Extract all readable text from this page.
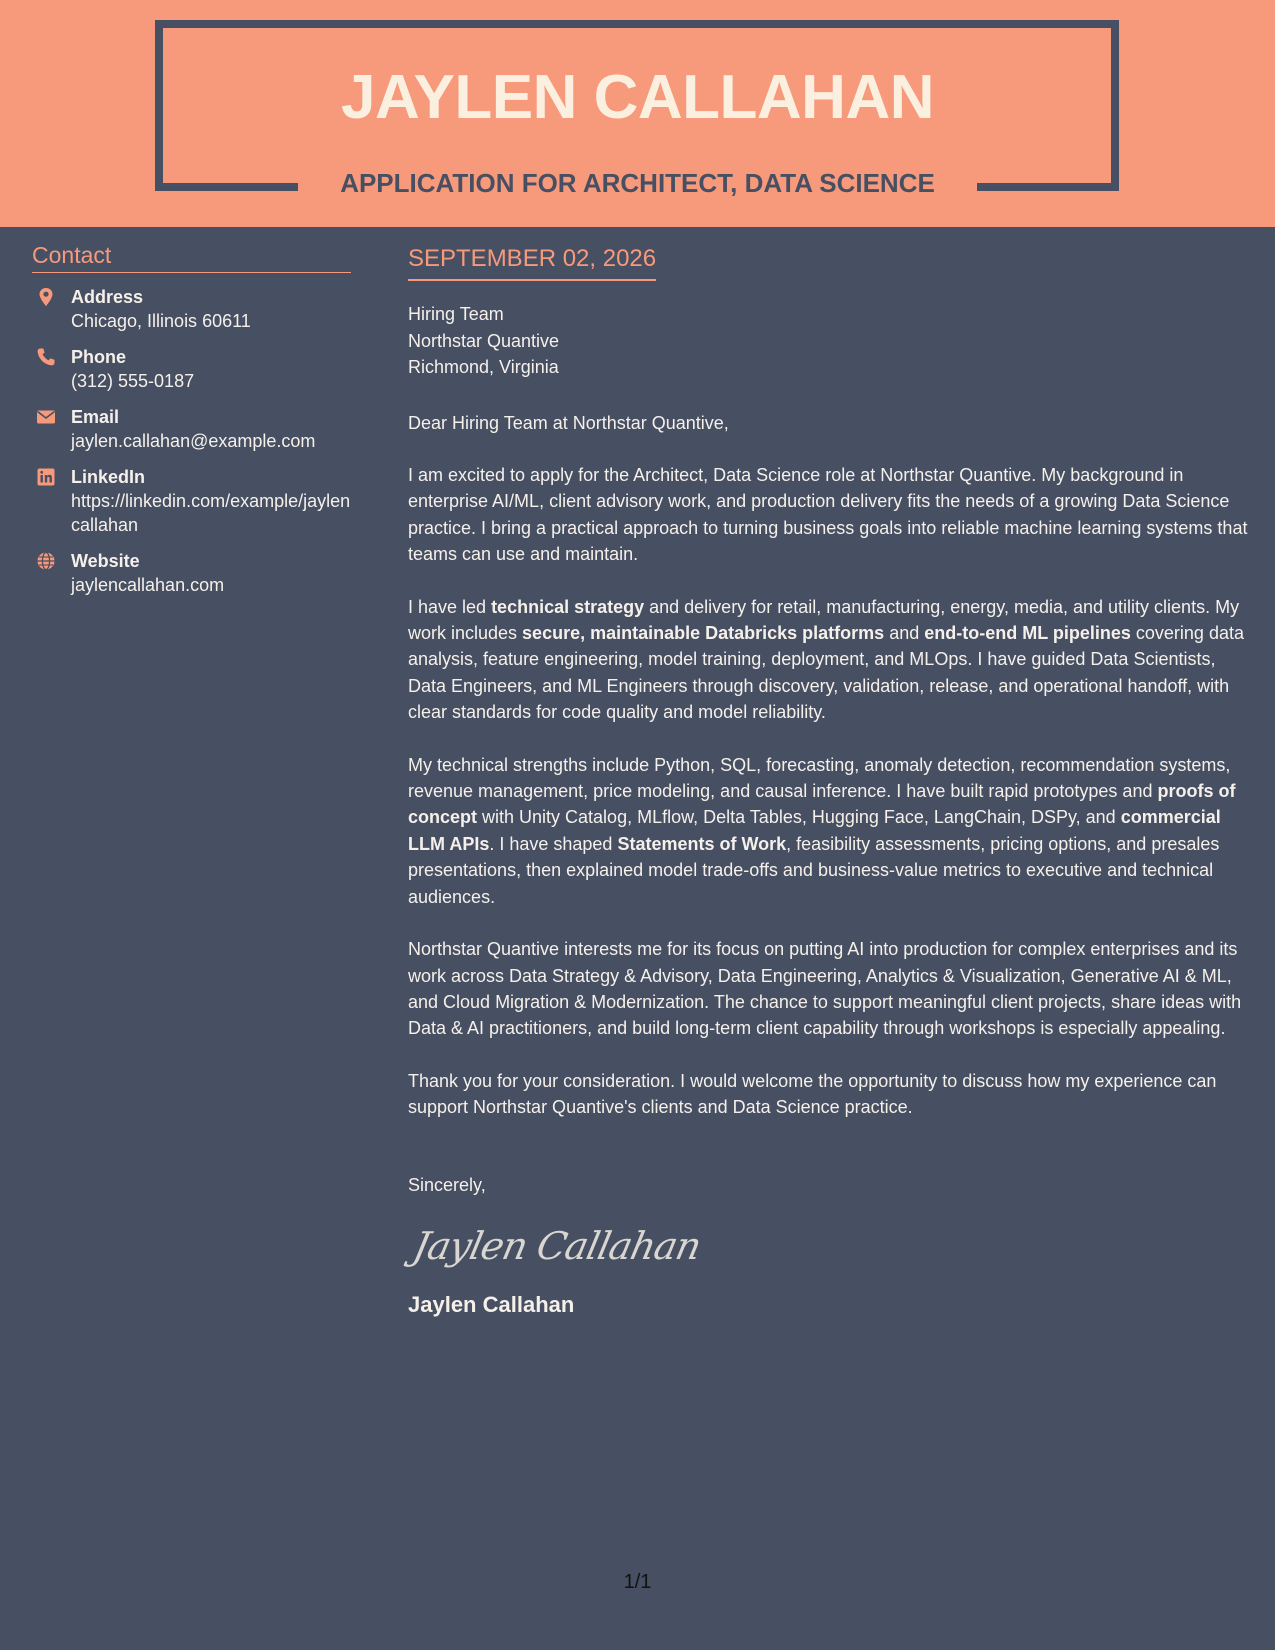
JAYLEN CALLAHAN
APPLICATION FOR ARCHITECT, DATA SCIENCE
Contact
Address
Chicago, Illinois 60611
Phone
(312) 555-0187
Email
jaylen.callahan@example.com
LinkedIn
https://linkedin.com/example/jaylencallahan
Website
jaylencallahan.com
SEPTEMBER 02, 2026
Hiring Team
Northstar Quantive
Richmond, Virginia
Dear Hiring Team at Northstar Quantive,
I am excited to apply for the Architect, Data Science role at Northstar Quantive. My background in enterprise AI/ML, client advisory work, and production delivery fits the needs of a growing Data Science practice. I bring a practical approach to turning business goals into reliable machine learning systems that teams can use and maintain.
I have led technical strategy and delivery for retail, manufacturing, energy, media, and utility clients. My work includes secure, maintainable Databricks platforms and end-to-end ML pipelines covering data analysis, feature engineering, model training, deployment, and MLOps. I have guided Data Scientists, Data Engineers, and ML Engineers through discovery, validation, release, and operational handoff, with clear standards for code quality and model reliability.
My technical strengths include Python, SQL, forecasting, anomaly detection, recommendation systems, revenue management, price modeling, and causal inference. I have built rapid prototypes and proofs of concept with Unity Catalog, MLflow, Delta Tables, Hugging Face, LangChain, DSPy, and commercial LLM APIs. I have shaped Statements of Work, feasibility assessments, pricing options, and presales presentations, then explained model trade-offs and business-value metrics to executive and technical audiences.
Northstar Quantive interests me for its focus on putting AI into production for complex enterprises and its work across Data Strategy & Advisory, Data Engineering, Analytics & Visualization, Generative AI & ML, and Cloud Migration & Modernization. The chance to support meaningful client projects, share ideas with Data & AI practitioners, and build long-term client capability through workshops is especially appealing.
Thank you for your consideration. I would welcome the opportunity to discuss how my experience can support Northstar Quantive's clients and Data Science practice.
Sincerely,
Jaylen Callahan
Jaylen Callahan
1/1
